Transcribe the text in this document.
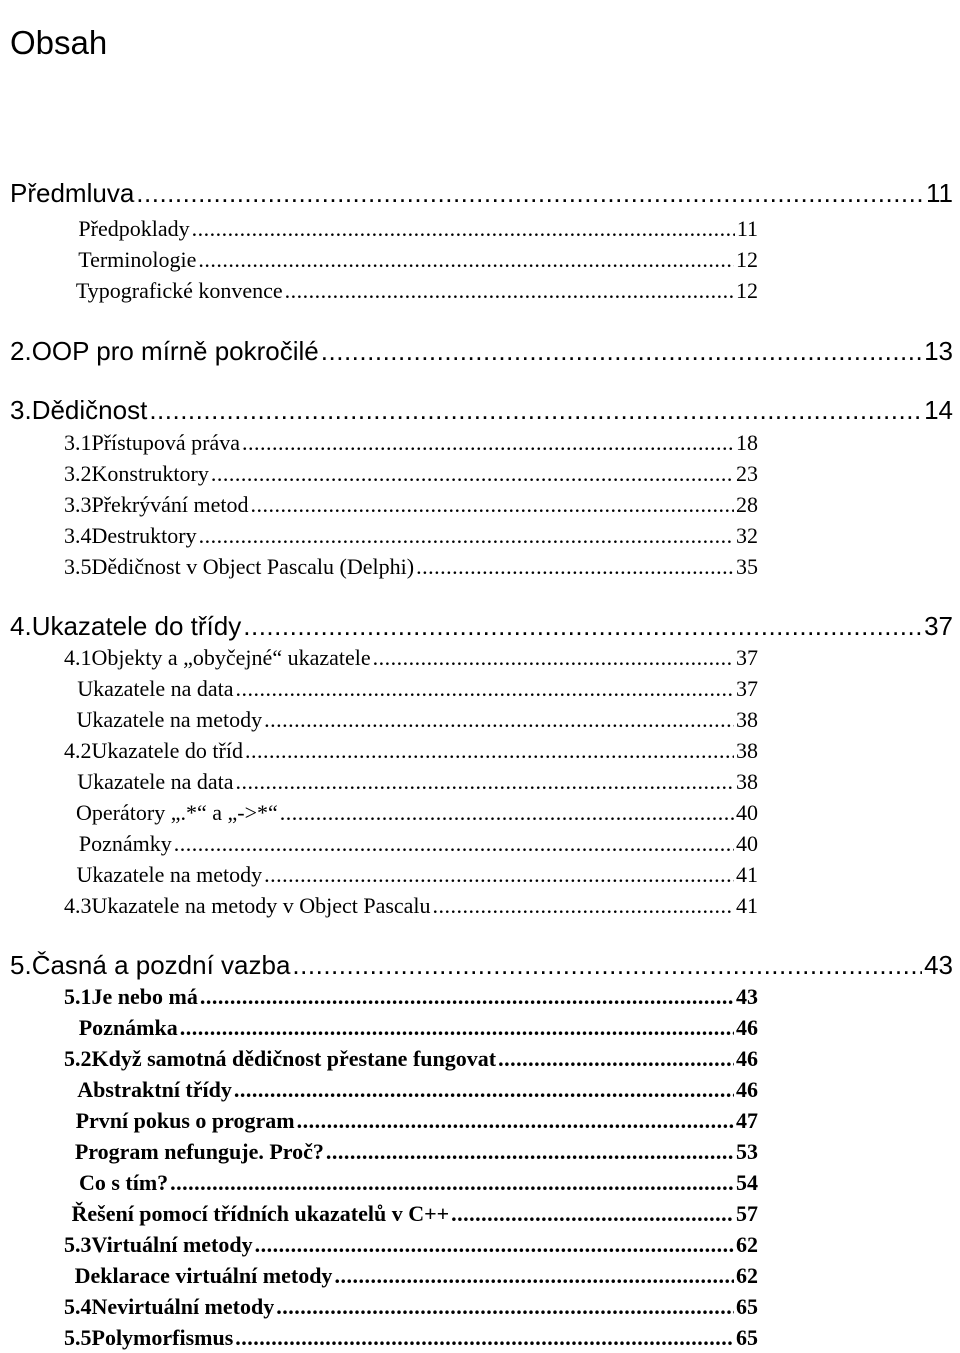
Obsah
Předmluva .....	11
Předpoklady .....	11
Terminologie .....	12
Typografické konvence .....	12
2. OOP pro mírně pokročilé .....	13
3. Dědičnost .....	14
3.1 Přístupová práva .....	18
3.2 Konstruktory .....	23
3.3 Překrývání metod .....	28
3.4 Destruktory .....	32
3.5 Dědičnost v Object Pascalu (Delphi) .....	35
4. Ukazatele do třídy .....	37
4.1 Objekty a „obyčejné“ ukazatele .....	37
Ukazatele na data .....	37
Ukazatele na metody .....	38
4.2 Ukazatele do tříd .....	38
Ukazatele na data .....	38
Operátory „.*“ a „->*“ .....	40
Poznámky .....	40
Ukazatele na metody .....	41
4.3 Ukazatele na metody v Object Pascalu .....	41
5. Časná a pozdní vazba .....	43
5.1 Je nebo má .....	43
Poznámka .....	46
5.2 Když samotná dědičnost přestane fungovat .....	46
Abstraktní třídy .....	46
První pokus o program .....	47
Program nefunguje. Proč? .....	53
Co s tím? .....	54
Řešení pomocí třídních ukazatelů v C++ .....	57
5.3 Virtuální metody .....	62
Deklarace virtuální metody .....	62
5.4 Nevirtuální metody .....	65
5.5 Polymorfismus .....	65
